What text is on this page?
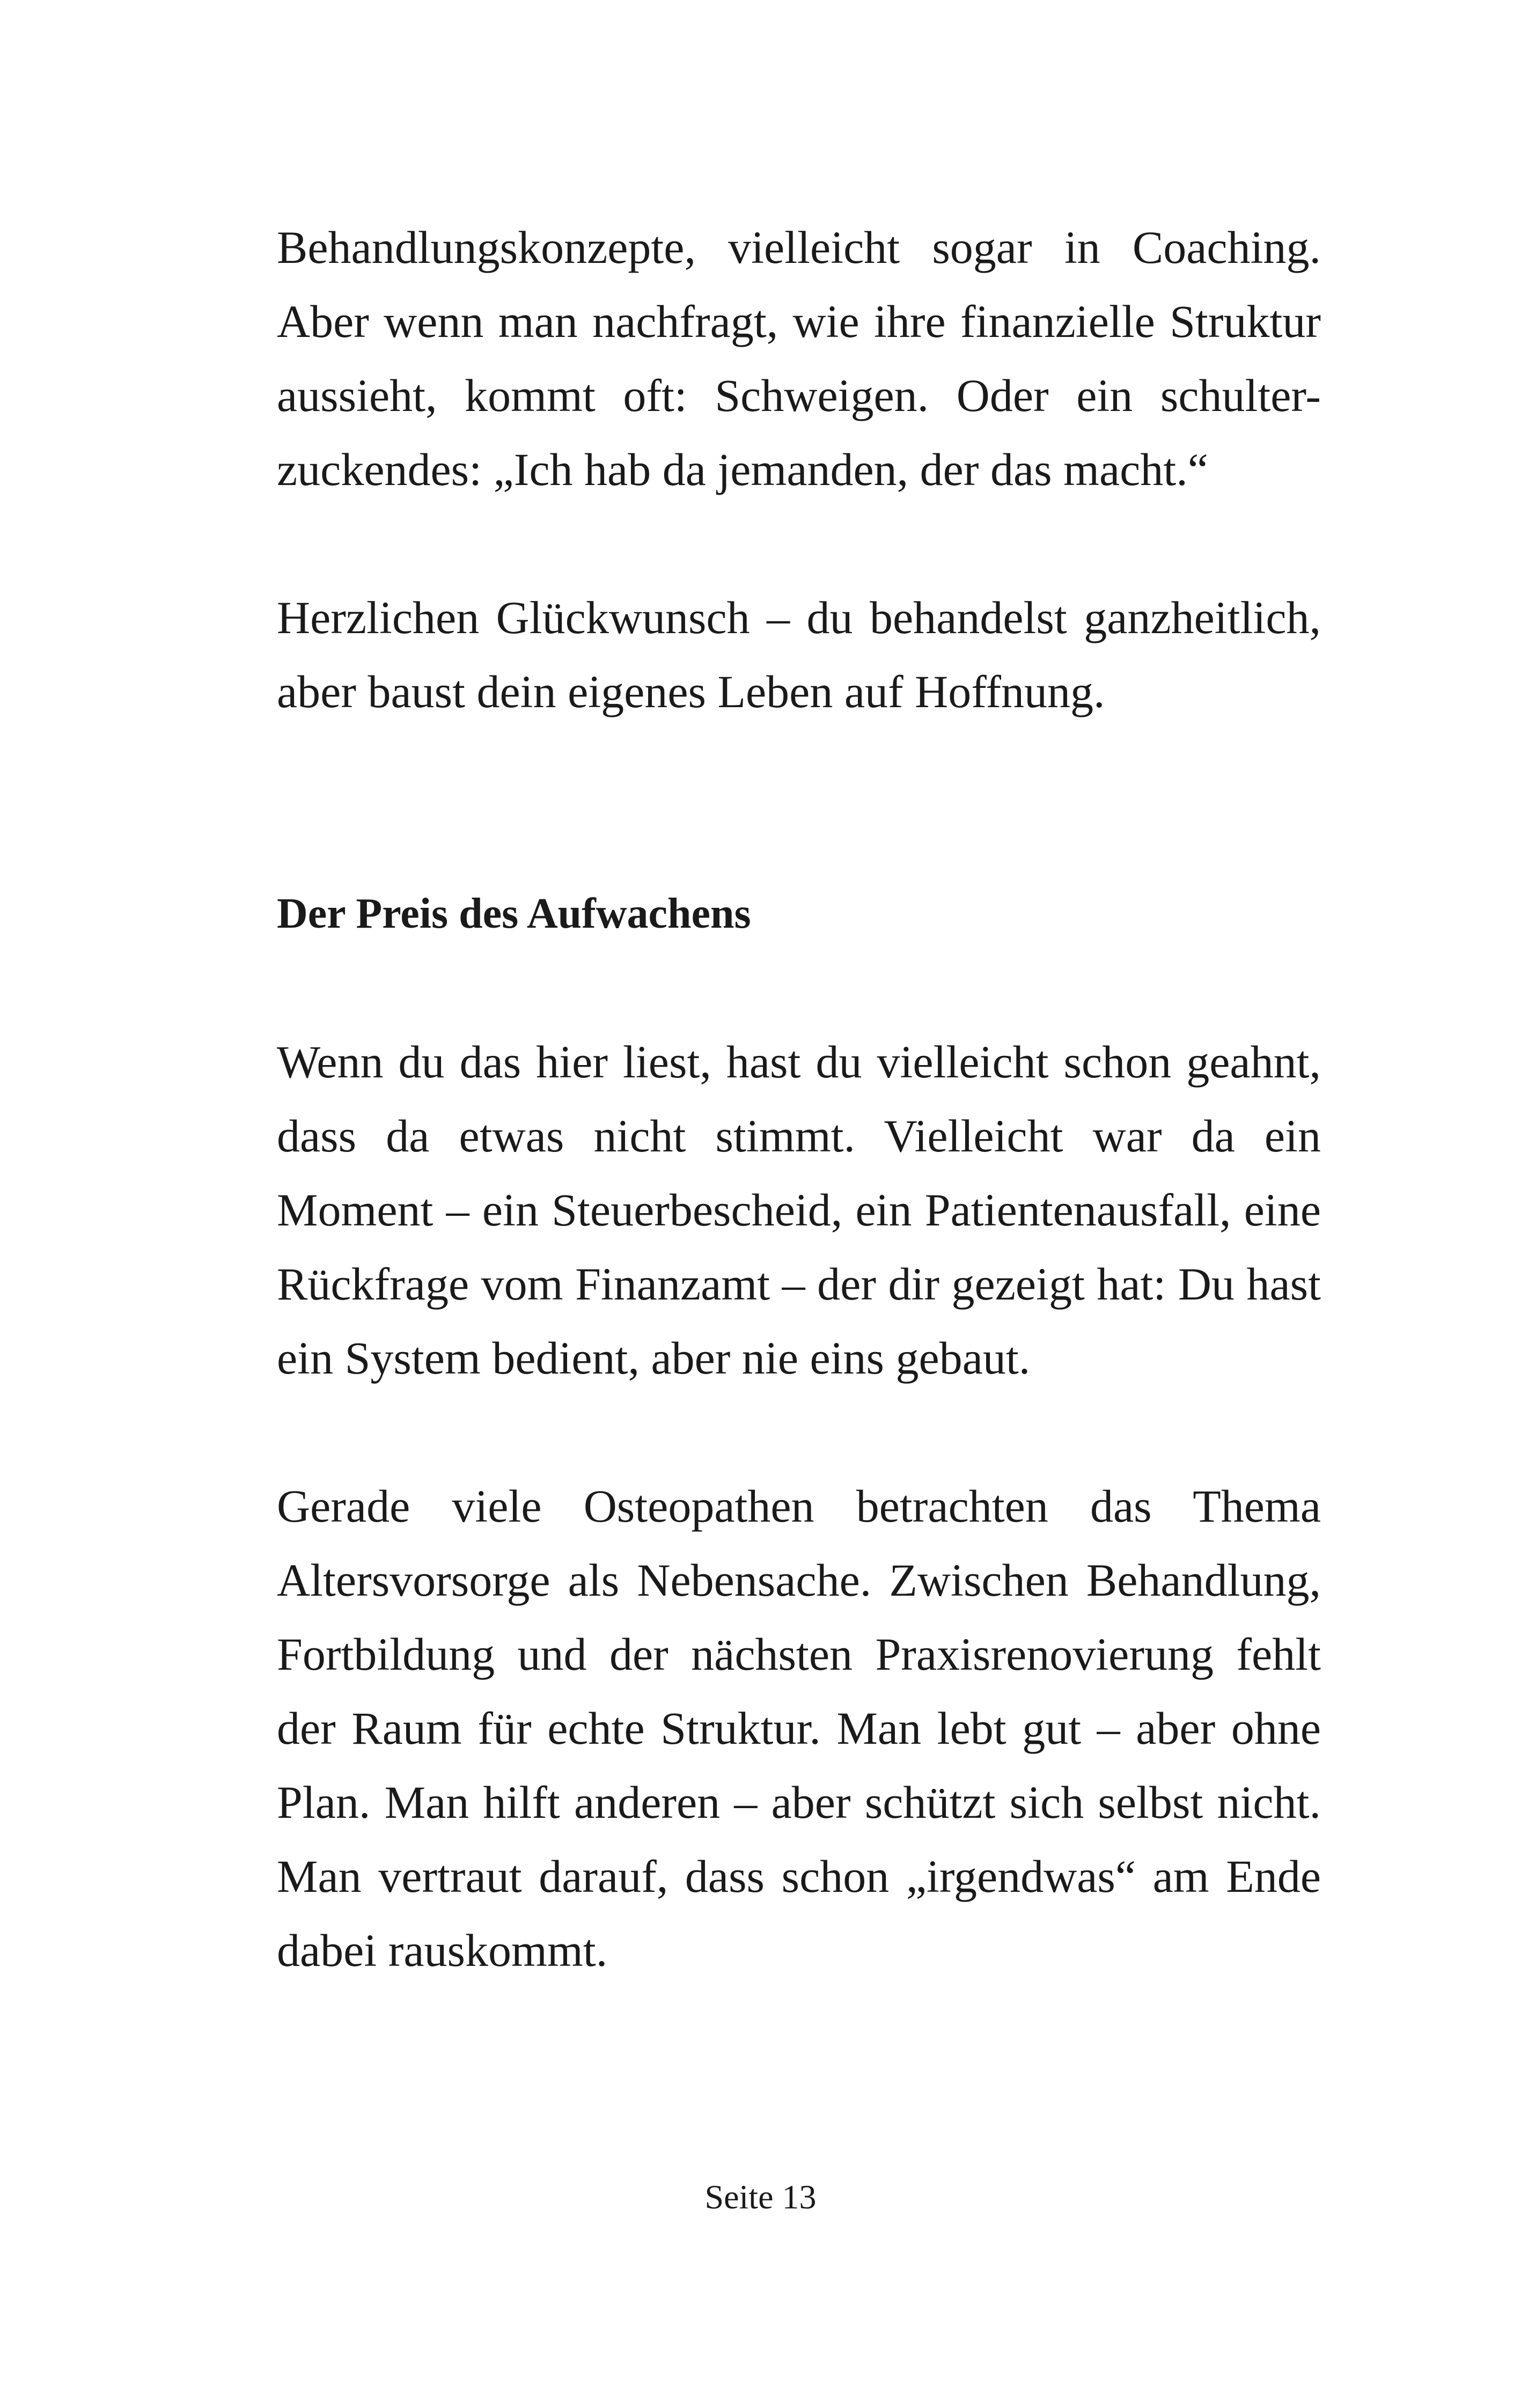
Behandlungskonzepte, vielleicht sogar in Coaching.
Aber wenn man nachfragt, wie ihre finanzielle Struktur
aussieht, kommt oft: Schweigen. Oder ein schulter-
zuckendes: „Ich hab da jemanden, der das macht.“

Herzlichen Glückwunsch – du behandelst ganzheitlich,
aber baust dein eigenes Leben auf Hoffnung.

Der Preis des Aufwachens

Wenn du das hier liest, hast du vielleicht schon geahnt,
dass da etwas nicht stimmt. Vielleicht war da ein
Moment – ein Steuerbescheid, ein Patientenausfall, eine
Rückfrage vom Finanzamt – der dir gezeigt hat: Du hast
ein System bedient, aber nie eins gebaut.

Gerade viele Osteopathen betrachten das Thema
Altersvorsorge als Nebensache. Zwischen Behandlung,
Fortbildung und der nächsten Praxisrenovierung fehlt
der Raum für echte Struktur. Man lebt gut – aber ohne
Plan. Man hilft anderen – aber schützt sich selbst nicht.
Man vertraut darauf, dass schon „irgendwas“ am Ende
dabei rauskommt.

Seite 13
